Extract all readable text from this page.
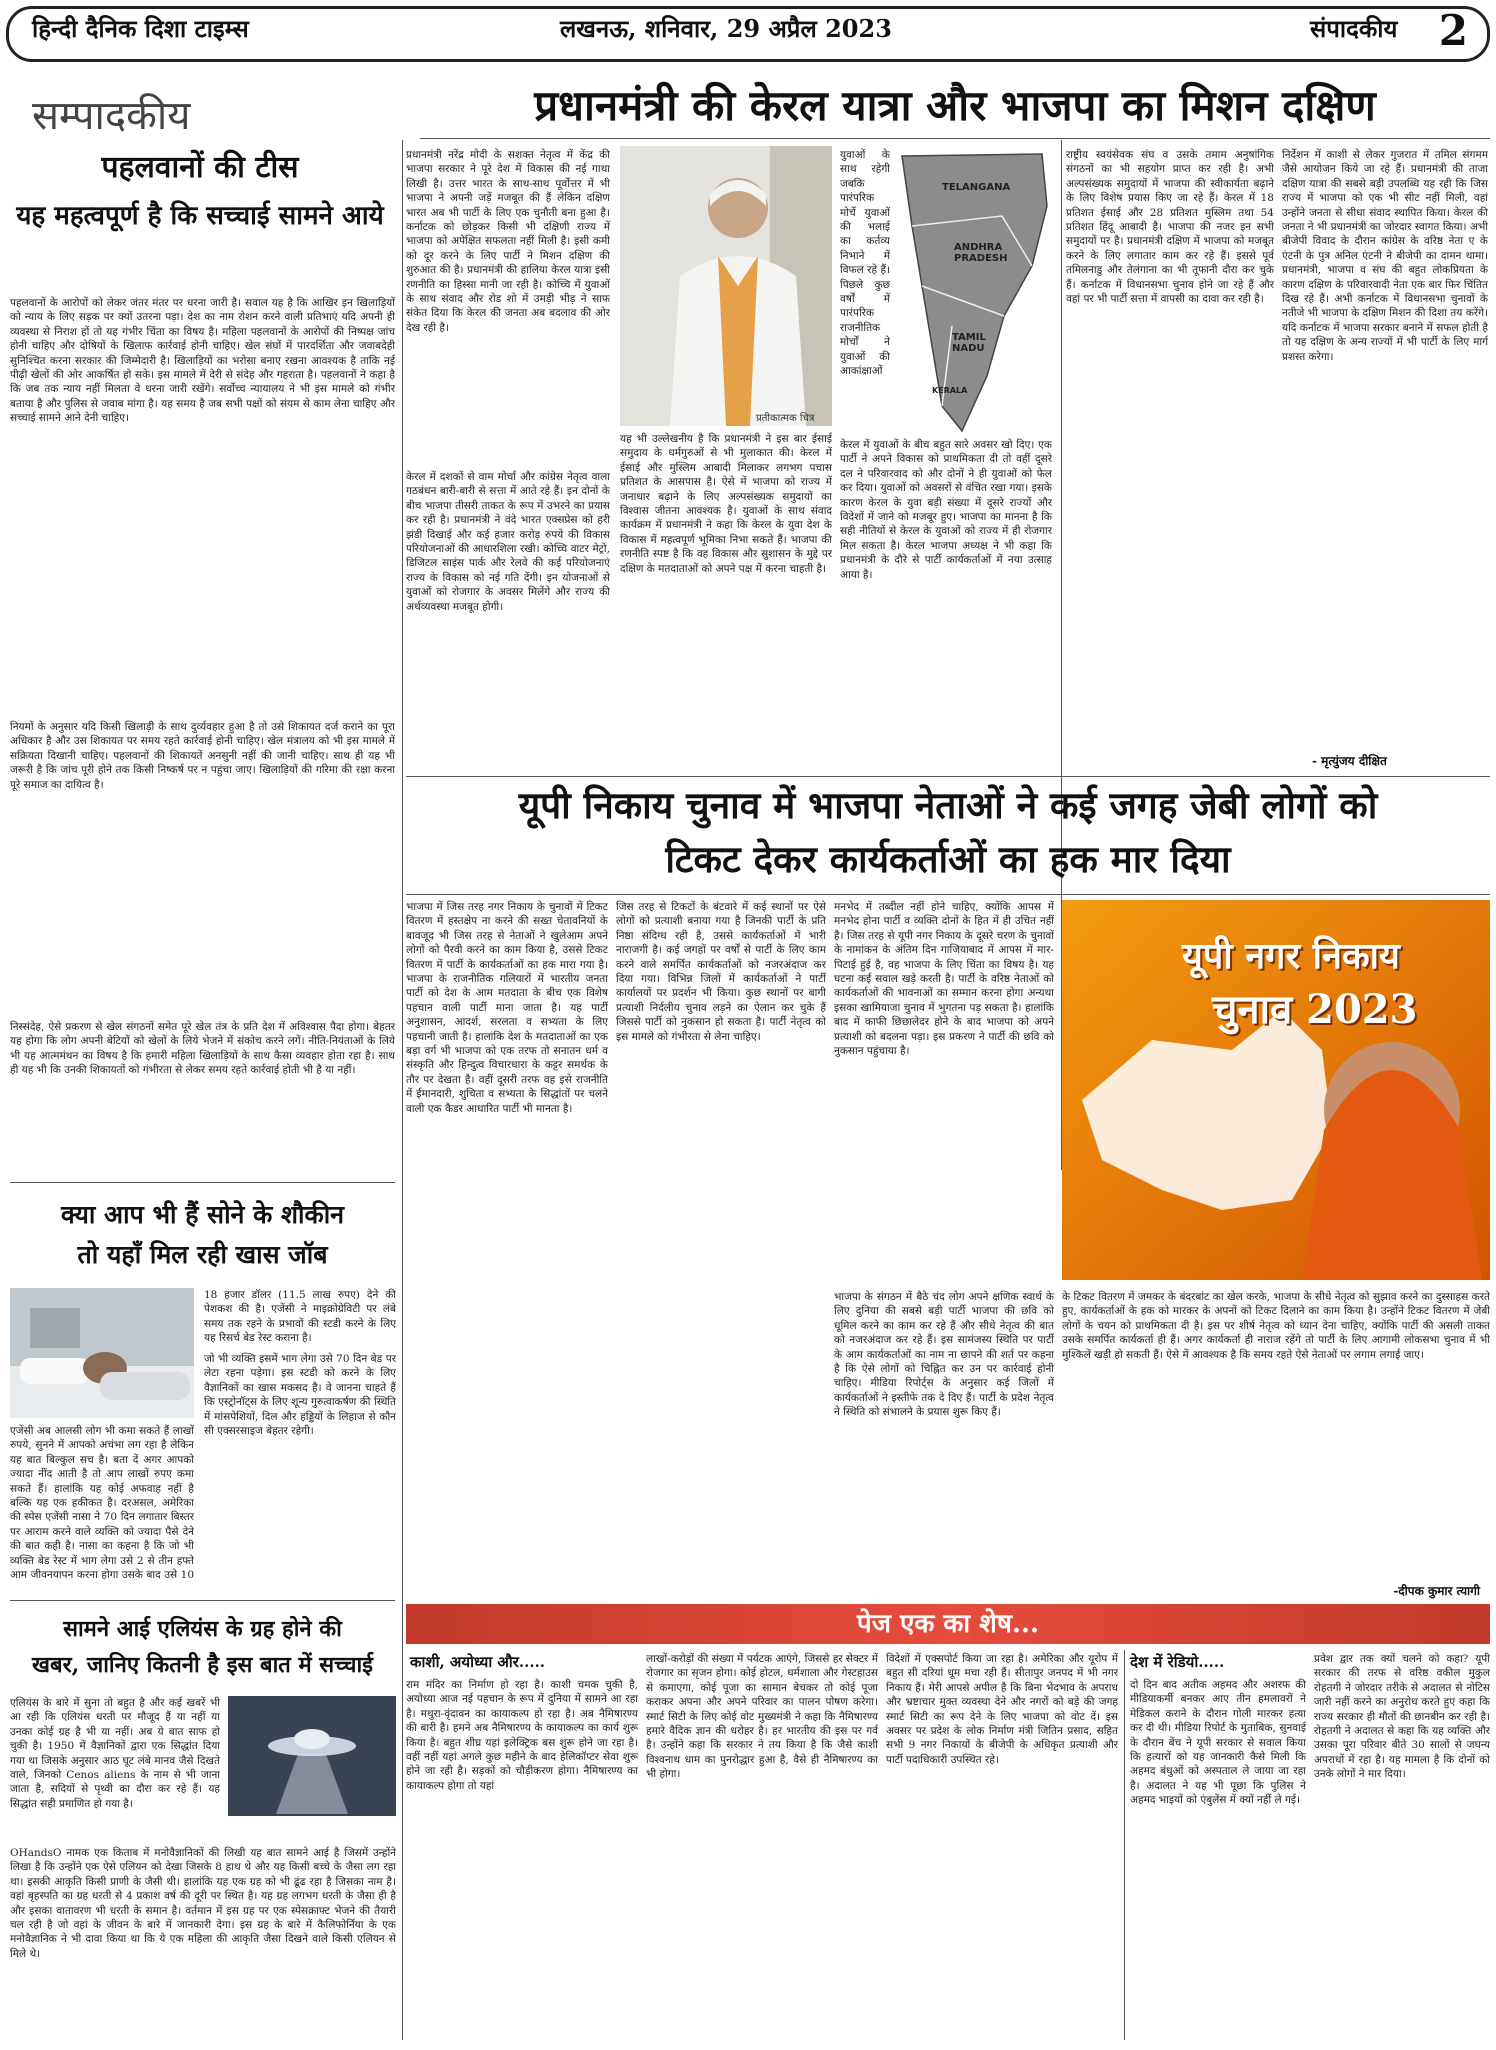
हिन्दी दैनिक दिशा टाइम्स	लखनऊ, शनिवार, 29 अप्रैल 2023	संपादकीय 2
सम्पादकीय	प्रधानमंत्री की केरल यात्रा और भाजपा का मिशन दक्षिण
पहलवानों की टीस
यह महत्वपूर्ण है कि सच्चाई सामने आये

पहलवानों के आरोपों को लेकर जंतर मंतर पर धरना जारी है। सवाल यह है कि आखिर इन खिलाड़ियों को न्याय के लिए सड़क पर क्यों उतरना पड़ा। देश का नाम रोशन करने वाली प्रतिभाएं यदि अपनी ही व्यवस्था से निराश हों तो यह गंभीर चिंता का विषय है। महिला पहलवानों के आरोपों की निष्पक्ष जांच होनी चाहिए और दोषियों के खिलाफ कार्रवाई होनी चाहिए। खेल संघों में पारदर्शिता और जवाबदेही सुनिश्चित करना सरकार की जिम्मेदारी है। खिलाड़ियों का भरोसा बनाए रखना आवश्यक है ताकि नई पीढ़ी खेलों की ओर आकर्षित हो सके। इस मामले में देरी से संदेह और गहराता है। पहलवानों ने कहा है कि जब तक न्याय नहीं मिलता वे धरना जारी रखेंगे। सर्वोच्च न्यायालय ने भी इस मामले को गंभीर बताया है और पुलिस से जवाब मांगा है। यह समय है जब सभी पक्षों को संयम से काम लेना चाहिए और सच्चाई सामने आने देनी चाहिए।

नियमों के अनुसार यदि किसी खिलाड़ी के साथ दुर्व्यवहार हुआ है तो उसे शिकायत दर्ज कराने का पूरा अधिकार है और उस शिकायत पर समय रहते कार्रवाई होनी चाहिए। खेल मंत्रालय को भी इस मामले में सक्रियता दिखानी चाहिए। पहलवानों की शिकायतें अनसुनी नहीं की जानी चाहिए। साथ ही यह भी जरूरी है कि जांच पूरी होने तक किसी निष्कर्ष पर न पहुंचा जाए। खिलाड़ियों की गरिमा की रक्षा करना पूरे समाज का दायित्व है।

निस्संदेह, ऐसे प्रकरण से खेल संगठनों समेत पूरे खेल तंत्र के प्रति देश में अविश्वास पैदा होगा। बेहतर यह होगा कि लोग अपनी बेटियों को खेलों के लिये भेजने में संकोच करने लगें। नीति-नियंताओं के लिये भी यह आत्ममंथन का विषय है कि हमारी महिला खिलाड़ियों के साथ कैसा व्यवहार होता रहा है। साथ ही यह भी कि उनकी शिकायतों को गंभीरता से लेकर समय रहते कार्रवाई होती भी है या नहीं।

क्या आप भी हैं सोने के शौकीन
तो यहाँ मिल रही खास जॉब

18 हजार डॉलर (11.5 लाख रुपए) देने की पेशकश की है। एजेंसी ने माइक्रोग्रेविटी पर लंबे समय तक रहने के प्रभावों की स्टडी करने के लिए यह रिसर्च बेड रेस्ट कराना है।

जो भी व्यक्ति इसमें भाग लेगा उसे 70 दिन बेड पर लेटा रहना पड़ेगा। इस स्टडी को करने के लिए वैज्ञानिकों का खास मकसद है। वे जानना चाहते हैं कि एस्ट्रोनॉट्स के लिए शून्य गुरुत्वाकर्षण की स्थिति में मांसपेशियों, दिल और हड्डियों के लिहाज से कौन सी एक्सरसाइज बेहतर रहेगी।

एजेंसी अब आलसी लोग भी कमा सकते हैं लाखों रुपये, सुनने में आपको अचंभा लग रहा है लेकिन यह बात बिल्कुल सच है। बता दें अगर आपको ज्यादा नींद आती है तो आप लाखों रुपए कमा सकते हैं। हालांकि यह कोई अफवाह नहीं है बल्कि यह एक हकीकत है। दरअसल, अमेरिका की स्पेस एजेंसी नासा ने 70 दिन लगातार बिस्तर पर आराम करने वाले व्यक्ति को ज्यादा पैसे देने की बात कही है। नासा का कहना है कि जो भी व्यक्ति बेड रेस्ट में भाग लेगा उसे 2 से तीन हफ्ते आम जीवनयापन करना होगा उसके बाद उसे 10

सामने आई एलियंस के ग्रह होने की
खबर, जानिए कितनी है इस बात में सच्चाई

एलियंस के बारे में सुना तो बहुत है और कई खबरें भी आ रही कि एलियंस धरती पर मौजूद हैं या नहीं या उनका कोई ग्रह है भी या नहीं। अब ये बात साफ हो चुकी है। 1950 में वैज्ञानिकों द्वारा एक सिद्धांत दिया गया था जिसके अनुसार आठ घूट लंबे मानव जैसे दिखते वाले, जिनको Cenos aliens के नाम से भी जाना जाता है, सदियों से पृथ्वी का दौरा कर रहे हैं। यह सिद्धांत सही प्रमाणित हो गया है।

OHandsO नामक एक किताब में मनोवैज्ञानिकों की लिखी यह बात सामने आई है जिसमें उन्होंने लिखा है कि उन्होंने एक ऐसे एलियन को देखा जिसके 8 हाथ थे और यह किसी बच्चे के जैसा लग रहा था। इसकी आकृति किसी प्राणी के जैसी थी। हालांकि यह एक ग्रह को भी ढूंढ रहा है जिसका नाम है। वहां बृहस्पति का ग्रह धरती से 4 प्रकाश वर्ष की दूरी पर स्थित है। यह ग्रह लगभग धरती के जैसा ही है और इसका वातावरण भी धरती के समान है। वर्तमान में इस ग्रह पर एक स्पेसक्राफ्ट भेजने की तैयारी चल रही है जो वहां के जीवन के बारे में जानकारी देगा। इस ग्रह के बारे में कैलिफोर्निया के एक मनोवैज्ञानिक ने भी दावा किया था कि ये एक महिला की आकृति जैसा दिखने वाले किसी एलियन से मिले थे।

प्रधानमंत्री नरेंद्र मोदी के सशक्त नेतृत्व में केंद्र की भाजपा सरकार ने पूरे देश में विकास की नई गाथा लिखी है। उत्तर भारत के साथ-साथ पूर्वोत्तर में भी भाजपा ने अपनी जड़ें मजबूत की हैं लेकिन दक्षिण भारत अब भी पार्टी के लिए एक चुनौती बना हुआ है। कर्नाटक को छोड़कर किसी भी दक्षिणी राज्य में भाजपा को अपेक्षित सफलता नहीं मिली है। इसी कमी को दूर करने के लिए पार्टी ने मिशन दक्षिण की शुरुआत की है। प्रधानमंत्री की हालिया केरल यात्रा इसी रणनीति का हिस्सा मानी जा रही है। कोच्चि में युवाओं के साथ संवाद और रोड शो में उमड़ी भीड़ ने साफ संकेत दिया कि केरल की जनता अब बदलाव की ओर देख रही है।

प्रतीकात्मक चित्र

केरल में दशकों से वाम मोर्चा और कांग्रेस नेतृत्व वाला गठबंधन बारी-बारी से सत्ता में आते रहे हैं। इन दोनों के बीच भाजपा तीसरी ताकत के रूप में उभरने का प्रयास कर रही है। प्रधानमंत्री ने वंदे भारत एक्सप्रेस को हरी झंडी दिखाई और कई हजार करोड़ रुपये की विकास परियोजनाओं की आधारशिला रखी। कोच्चि वाटर मेट्रो, डिजिटल साइंस पार्क और रेलवे की कई परियोजनाएं राज्य के विकास को नई गति देंगी। इन योजनाओं से युवाओं को रोजगार के अवसर मिलेंगे और राज्य की अर्थव्यवस्था मजबूत होगी।

यह भी उल्लेखनीय है कि प्रधानमंत्री ने इस बार ईसाई समुदाय के धर्मगुरुओं से भी मुलाकात की। केरल में ईसाई और मुस्लिम आबादी मिलाकर लगभग पचास प्रतिशत के आसपास है। ऐसे में भाजपा को राज्य में जनाधार बढ़ाने के लिए अल्पसंख्यक समुदायों का विश्वास जीतना आवश्यक है। युवाओं के साथ संवाद कार्यक्रम में प्रधानमंत्री ने कहा कि केरल के युवा देश के विकास में महत्वपूर्ण भूमिका निभा सकते हैं। भाजपा की रणनीति स्पष्ट है कि वह विकास और सुशासन के मुद्दे पर दक्षिण के मतदाताओं को अपने पक्ष में करना चाहती है।

युवाओं के साथ रहेगी जबकि पारंपरिक मोर्चे युवाओं की भलाई का कर्तव्य निभाने में विफल रहे हैं। पिछले कुछ वर्षों में पारंपरिक राजनीतिक मोर्चों ने युवाओं की आकांक्षाओं

TELANGANA
ANDHRA PRADESH
TAMIL NADU
KERALA

केरल में युवाओं के बीच बहुत सारे अवसर खो दिए। एक पार्टी ने अपने विकास को प्राथमिकता दी तो वहीं दूसरे दल ने परिवारवाद को और दोनों ने ही युवाओं को फेल कर दिया। युवाओं को अवसरों से वंचित रखा गया। इसके कारण केरल के युवा बड़ी संख्या में दूसरे राज्यों और विदेशों में जाने को मजबूर हुए। भाजपा का मानना है कि सही नीतियों से केरल के युवाओं को राज्य में ही रोजगार मिल सकता है। केरल भाजपा अध्यक्ष ने भी कहा कि प्रधानमंत्री के दौरे से पार्टी कार्यकर्ताओं में नया उत्साह आया है।

राष्ट्रीय स्वयंसेवक संघ व उसके तमाम अनुषांगिक संगठनों का भी सहयोग प्राप्त कर रही है। अभी अल्पसंख्यक समुदायों में भाजपा की स्वीकार्यता बढ़ाने के लिए विशेष प्रयास किए जा रहे हैं। केरल में 18 प्रतिशत ईसाई और 28 प्रतिशत मुस्लिम तथा 54 प्रतिशत हिंदू आबादी है। भाजपा की नजर इन सभी समुदायों पर है। प्रधानमंत्री दक्षिण में भाजपा को मजबूत करने के लिए लगातार काम कर रहे हैं। इससे पूर्व तमिलनाडु और तेलंगाना का भी तूफानी दौरा कर चुके हैं। कर्नाटक में विधानसभा चुनाव होने जा रहे हैं और वहां पर भी पार्टी सत्ता में वापसी का दावा कर रही है।

निर्देशन में काशी से लेकर गुजरात में तमिल संगमम जैसे आयोजन किये जा रहे हैं। प्रधानमंत्री की ताजा दक्षिण यात्रा की सबसे बड़ी उपलब्धि यह रही कि जिस राज्य में भाजपा को एक भी सीट नहीं मिली, वहां उन्होंने जनता से सीधा संवाद स्थापित किया। केरल की जनता ने भी प्रधानमंत्री का जोरदार स्वागत किया। अभी बीजेपी विवाद के दौरान कांग्रेस के वरिष्ठ नेता ए के एंटनी के पुत्र अनिल एंटनी ने बीजेपी का दामन थामा। प्रधानमंत्री, भाजपा व संघ की बहुत लोकप्रियता के कारण दक्षिण के परिवारवादी नेता एक बार फिर चिंतित दिख रहे हैं। अभी कर्नाटक में विधानसभा चुनावों के नतीजे भी भाजपा के दक्षिण मिशन की दिशा तय करेंगे। यदि कर्नाटक में भाजपा सरकार बनाने में सफल होती है तो यह दक्षिण के अन्य राज्यों में भी पार्टी के लिए मार्ग प्रशस्त करेगा।

- मृत्युंजय दीक्षित
यूपी निकाय चुनाव में भाजपा नेताओं ने कई जगह जेबी लोगों को
टिकट देकर कार्यकर्ताओं का हक मार दिया

भाजपा में जिस तरह नगर निकाय के चुनावों में टिकट वितरण में हस्तक्षेप ना करने की सख्त चेतावनियों के बावजूद भी जिस तरह से नेताओं ने खुलेआम अपने लोगों को पैरवी करने का काम किया है, उससे टिकट वितरण में पार्टी के कार्यकर्ताओं का हक मारा गया है। भाजपा के राजनीतिक गलियारों में भारतीय जनता पार्टी को देश के आम मतदाता के बीच एक विशेष पहचान वाली पार्टी माना जाता है। यह पार्टी अनुशासन, आदर्श, सरलता व सभ्यता के लिए पहचानी जाती है। हालांकि देश के मतदाताओं का एक बड़ा वर्ग भी भाजपा को एक तरफ तो सनातन धर्म व संस्कृति और हिन्दुत्व विचारधारा के कट्टर समर्थक के तौर पर देखता है। वहीं दूसरी तरफ वह इसे राजनीति में ईमानदारी, शुचिता व सभ्यता के सिद्धांतों पर चलने वाली एक कैडर आधारित पार्टी भी मानता है।

जिस तरह से टिकटों के बंटवारे में कई स्थानों पर ऐसे लोगों को प्रत्याशी बनाया गया है जिनकी पार्टी के प्रति निष्ठा संदिग्ध रही है, उससे कार्यकर्ताओं में भारी नाराजगी है। कई जगहों पर वर्षों से पार्टी के लिए काम करने वाले समर्पित कार्यकर्ताओं को नजरअंदाज कर दिया गया। विभिन्न जिलों में कार्यकर्ताओं ने पार्टी कार्यालयों पर प्रदर्शन भी किया। कुछ स्थानों पर बागी प्रत्याशी निर्दलीय चुनाव लड़ने का ऐलान कर चुके हैं जिससे पार्टी को नुकसान हो सकता है। पार्टी नेतृत्व को इस मामले को गंभीरता से लेना चाहिए।

मनभेद में तब्दील नहीं होने चाहिए, क्योंकि आपस में मनभेद होना पार्टी व व्यक्ति दोनों के हित में ही उचित नहीं है। जिस तरह से यूपी नगर निकाय के दूसरे चरण के चुनावों के नामांकन के अंतिम दिन गाजियाबाद में आपस में मार-पिटाई हुई है, वह भाजपा के लिए चिंता का विषय है। यह घटना कई सवाल खड़े करती है। पार्टी के वरिष्ठ नेताओं को कार्यकर्ताओं की भावनाओं का सम्मान करना होगा अन्यथा इसका खामियाजा चुनाव में भुगतना पड़ सकता है। हालांकि बाद में काफी छिछालेदर होने के बाद भाजपा को अपने प्रत्याशी को बदलना पड़ा। इस प्रकरण ने पार्टी की छवि को नुकसान पहुंचाया है।

यूपी नगर निकाय
चुनाव 2023

भाजपा के संगठन में बैठे चंद लोग अपने क्षणिक स्वार्थ के लिए दुनिया की सबसे बड़ी पार्टी भाजपा की छवि को धूमिल करने का काम कर रहे हैं और सीधे नेतृत्व की बात को नजरअंदाज कर रहे हैं। इस सामंजस्य स्थिति पर पार्टी के आम कार्यकर्ताओं का नाम ना छापने की शर्त पर कहना है कि ऐसे लोगों को चिह्नित कर उन पर कार्रवाई होनी चाहिए। मीडिया रिपोर्ट्स के अनुसार कई जिलों में कार्यकर्ताओं ने इस्तीफे तक दे दिए हैं। पार्टी के प्रदेश नेतृत्व ने स्थिति को संभालने के प्रयास शुरू किए हैं।

के टिकट वितरण में जमकर के बंदरबांट का खेल करके, भाजपा के सीधे नेतृत्व को सुझाव करने का दुस्साहस करते हुए, कार्यकर्ताओं के हक को मारकर के अपनों को टिकट दिलाने का काम किया है। उन्होंने टिकट वितरण में जेबी लोगों के चयन को प्राथमिकता दी है। इस पर शीर्ष नेतृत्व को ध्यान देना चाहिए, क्योंकि पार्टी की असली ताकत उसके समर्पित कार्यकर्ता ही हैं। अगर कार्यकर्ता ही नाराज रहेंगे तो पार्टी के लिए आगामी लोकसभा चुनाव में भी मुश्किलें खड़ी हो सकती हैं। ऐसे में आवश्यक है कि समय रहते ऐसे नेताओं पर लगाम लगाई जाए।

-दीपक कुमार त्यागी
पेज एक का शेष...
काशी, अयोध्या और.....

राम मंदिर का निर्माण हो रहा है। काशी चमक चुकी है, अयोध्या आज नई पहचान के रूप में दुनिया में सामने आ रहा है। मथुरा-वृंदावन का कायाकल्प हो रहा है। अब नैमिषारण्य की बारी है। हमने अब नैमिषारण्य के कायाकल्प का कार्य शुरू किया है। बहुत शीघ्र यहां इलेक्ट्रिक बस शुरू होने जा रहा है। वहीं नहीं यहां अगले कुछ महीने के बाद हेलिकॉप्टर सेवा शुरू होने जा रही है। सड़कों को चौड़ीकरण होगा। नैमिषारण्य का कायाकल्प होगा तो यहां

लाखों-करोड़ों की संख्या में पर्यटक आएंगे, जिससे हर सेक्टर में रोजगार का सृजन होगा। कोई होटल, धर्मशाला और गेस्टहाउस से कमाएगा, कोई पूजा का सामान बेचकर तो कोई पूजा कराकर अपना और अपने परिवार का पालन पोषण करेगा। स्मार्ट सिटी के लिए कोई वोट मुख्यमंत्री ने कहा कि नैमिषारण्य हमारे वैदिक ज्ञान की धरोहर है। हर भारतीय की इस पर गर्व है। उन्होंने कहा कि सरकार ने तय किया है कि जैसे काशी विश्वनाथ धाम का पुनरोद्धार हुआ है, वैसे ही नैमिषारण्य का भी होगा।

विदेशों में एक्सपोर्ट किया जा रहा है। अमेरिका और यूरोप में बहुत सी दरियां धूम मचा रही हैं। सीतापुर जनपद में भी नगर निकाय हैं। मेरी आपसे अपील है कि बिना भेदभाव के अपराध और भ्रष्टाचार मुक्त व्यवस्था देने और नगरों को बड़े की जगह स्मार्ट सिटी का रूप देने के लिए भाजपा को वोट दें। इस अवसर पर प्रदेश के लोक निर्माण मंत्री जितिन प्रसाद, सहित सभी 9 नगर निकायों के बीजेपी के अधिकृत प्रत्याशी और पार्टी पदाधिकारी उपस्थित रहे।

देश में रेडियो.....

दो दिन बाद अतीक अहमद और अशरफ की मीडियाकर्मी बनकर आए तीन हमलावरों ने मेडिकल कराने के दौरान गोली मारकर हत्या कर दी थी। मीडिया रिपोर्ट के मुताबिक, सुनवाई के दौरान बेंच ने यूपी सरकार से सवाल किया कि हत्यारों को यह जानकारी कैसे मिली कि अहमद बंधुओं को अस्पताल ले जाया जा रहा है। अदालत ने यह भी पूछा कि पुलिस ने अहमद भाइयों को एंबुलेंस में क्यों नहीं ले गई।

प्रवेश द्वार तक क्यों चलने को कहा? यूपी सरकार की तरफ से वरिष्ठ वकील मुकुल रोहतगी ने जोरदार तरीके से अदालत से नोटिस जारी नहीं करने का अनुरोध करते हुए कहा कि राज्य सरकार ही मौतों की छानबीन कर रही है। रोहतगी ने अदालत से कहा कि यह व्यक्ति और उसका पूरा परिवार बीते 30 सालों से जघन्य अपराधों में रहा है। यह मामला है कि दोनों को उनके लोगों ने मार दिया।
